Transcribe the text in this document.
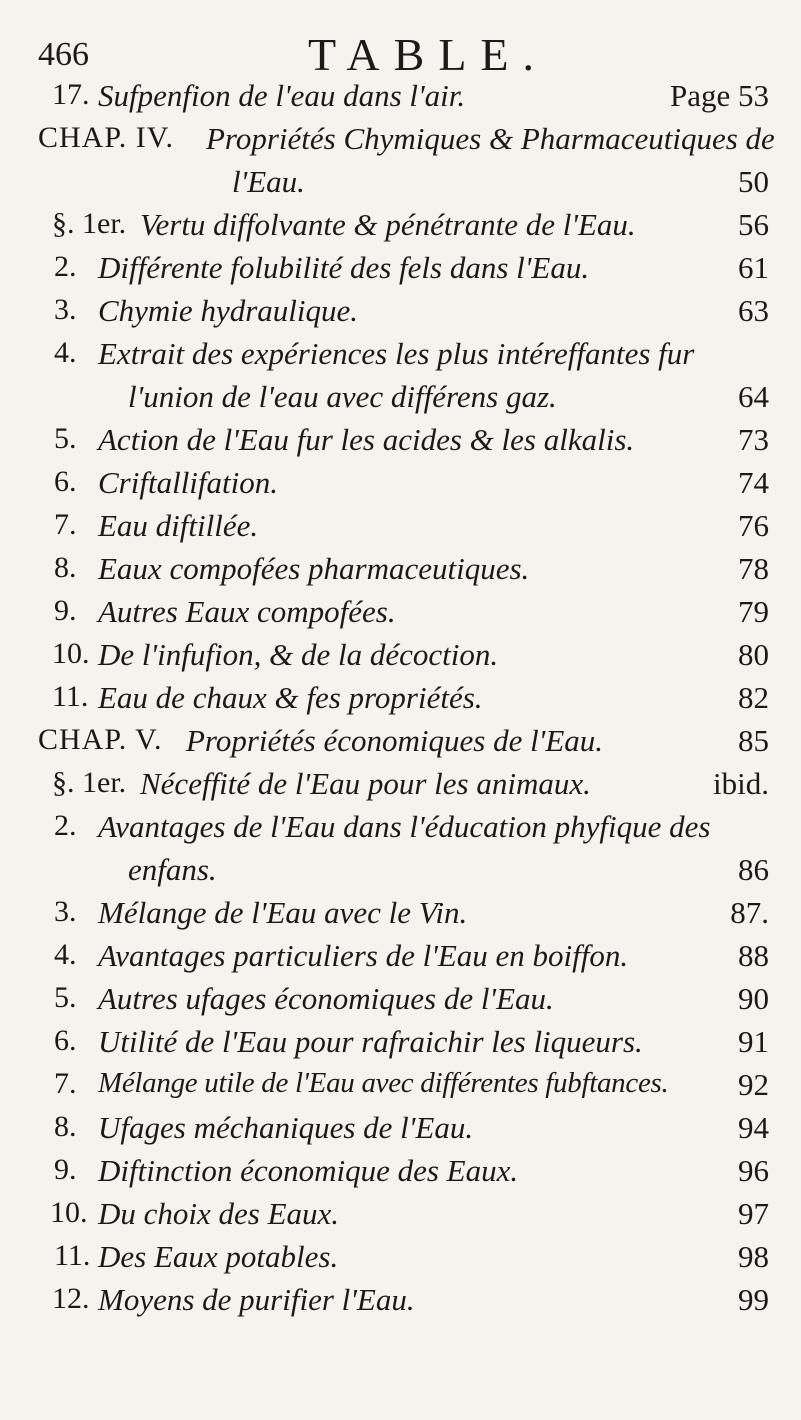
466	TABLE.
17. Sufpenfion de l'eau dans l'air.	Page 53
CHAP. IV. Propriétés Chymiques & Pharmaceutiques de
l'Eau.	50
§. 1er. Vertu diffolvante & pénétrante de l'Eau.	56
2. Différente folubilité des fels dans l'Eau.	61
3. Chymie hydraulique.	63
4. Extrait des expériences les plus intéreffantes fur
l'union de l'eau avec différens gaz.	64
5. Action de l'Eau fur les acides & les alkalis.	73
6. Criftallifation.	74
7. Eau diftillée.	76
8. Eaux compofées pharmaceutiques.	78
9. Autres Eaux compofées.	79
10. De l'infufion, & de la décoction.	80
11. Eau de chaux & fes propriétés.	82
CHAP. V. Propriétés économiques de l'Eau.	85
§. 1er. Néceffité de l'Eau pour les animaux.	ibid.
2. Avantages de l'Eau dans l'éducation phyfique des
enfans.	86
3. Mélange de l'Eau avec le Vin.	87.
4. Avantages particuliers de l'Eau en boiffon.	88
5. Autres ufages économiques de l'Eau.	90
6. Utilité de l'Eau pour rafraichir les liqueurs.	91
7. Mélange utile de l'Eau avec différentes fubftances. 92
8. Ufages méchaniques de l'Eau.	94
9. Diftinction économique des Eaux.	96
10. Du choix des Eaux.	97
11. Des Eaux potables.	98
12. Moyens de purifier l'Eau.	99
